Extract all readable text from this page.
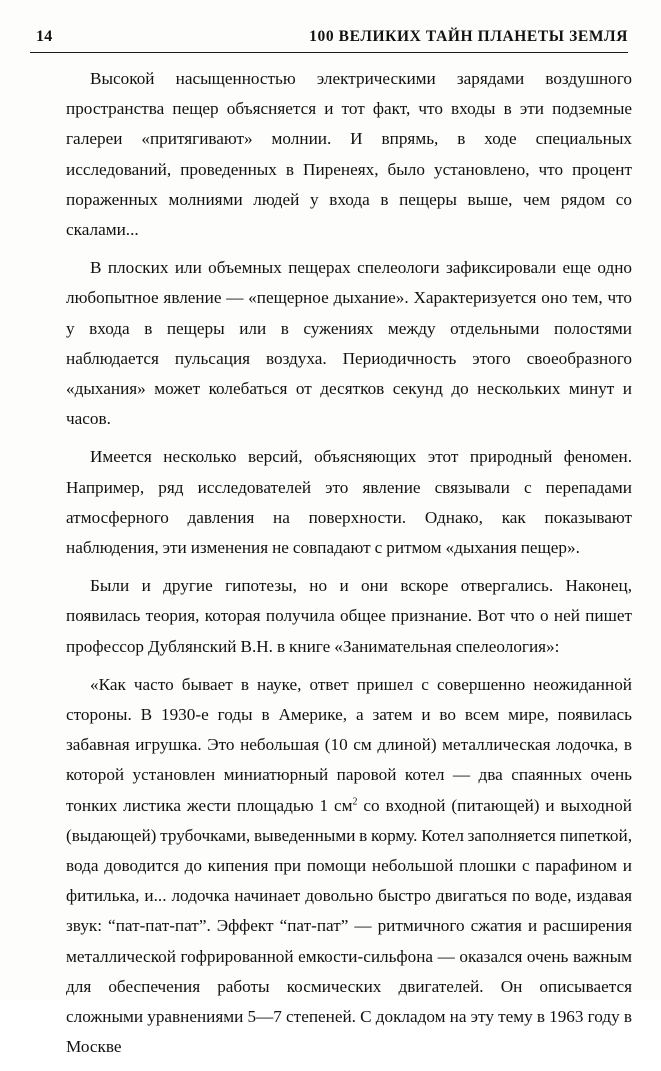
14	100 ВЕЛИКИХ ТАЙН ПЛАНЕТЫ ЗЕМЛЯ

Высокой насыщенностью электрическими зарядами воздушного пространства пещер объясняется и тот факт, что входы в эти подземные галереи «притягивают» молнии. И впрямь, в ходе специальных исследований, проведенных в Пиренеях, было установлено, что процент пораженных молниями людей у входа в пещеры выше, чем рядом со скалами...

В плоских или объемных пещерах спелеологи зафиксировали еще одно любопытное явление — «пещерное дыхание». Характеризуется оно тем, что у входа в пещеры или в сужениях между отдельными полостями наблюдается пульсация воздуха. Периодичность этого своеобразного «дыхания» может колебаться от десятков секунд до нескольких минут и часов.

Имеется несколько версий, объясняющих этот природный феномен. Например, ряд исследователей это явление связывали с перепадами атмосферного давления на поверхности. Однако, как показывают наблюдения, эти изменения не совпадают с ритмом «дыхания пещер».

Были и другие гипотезы, но и они вскоре отвергались. Наконец, появилась теория, которая получила общее признание. Вот что о ней пишет профессор Дублянский В.Н. в книге «Занимательная спелеология»:

«Как часто бывает в науке, ответ пришел с совершенно неожиданной стороны. В 1930-е годы в Америке, а затем и во всем мире, появилась забавная игрушка. Это небольшая (10 см длиной) металлическая лодочка, в которой установлен миниатюрный паровой котел — два спаянных очень тонких листика жести площадью 1 $см^2$ со входной (питающей) и выходной (выдающей) трубочками, выведенными в корму. Котел заполняется пипеткой, вода доводится до кипения при помощи небольшой плошки с парафином и фитилька, и... лодочка начинает довольно быстро двигаться по воде, издавая звук: “пат-пат-пат”. Эффект “пат-пат” — ритмичного сжатия и расширения металлической гофрированной емкости-сильфона — оказался очень важным для обеспечения работы космических двигателей. Он описывается сложными уравнениями 5—7 степеней. С докладом на эту тему в 1963 году в Москве
